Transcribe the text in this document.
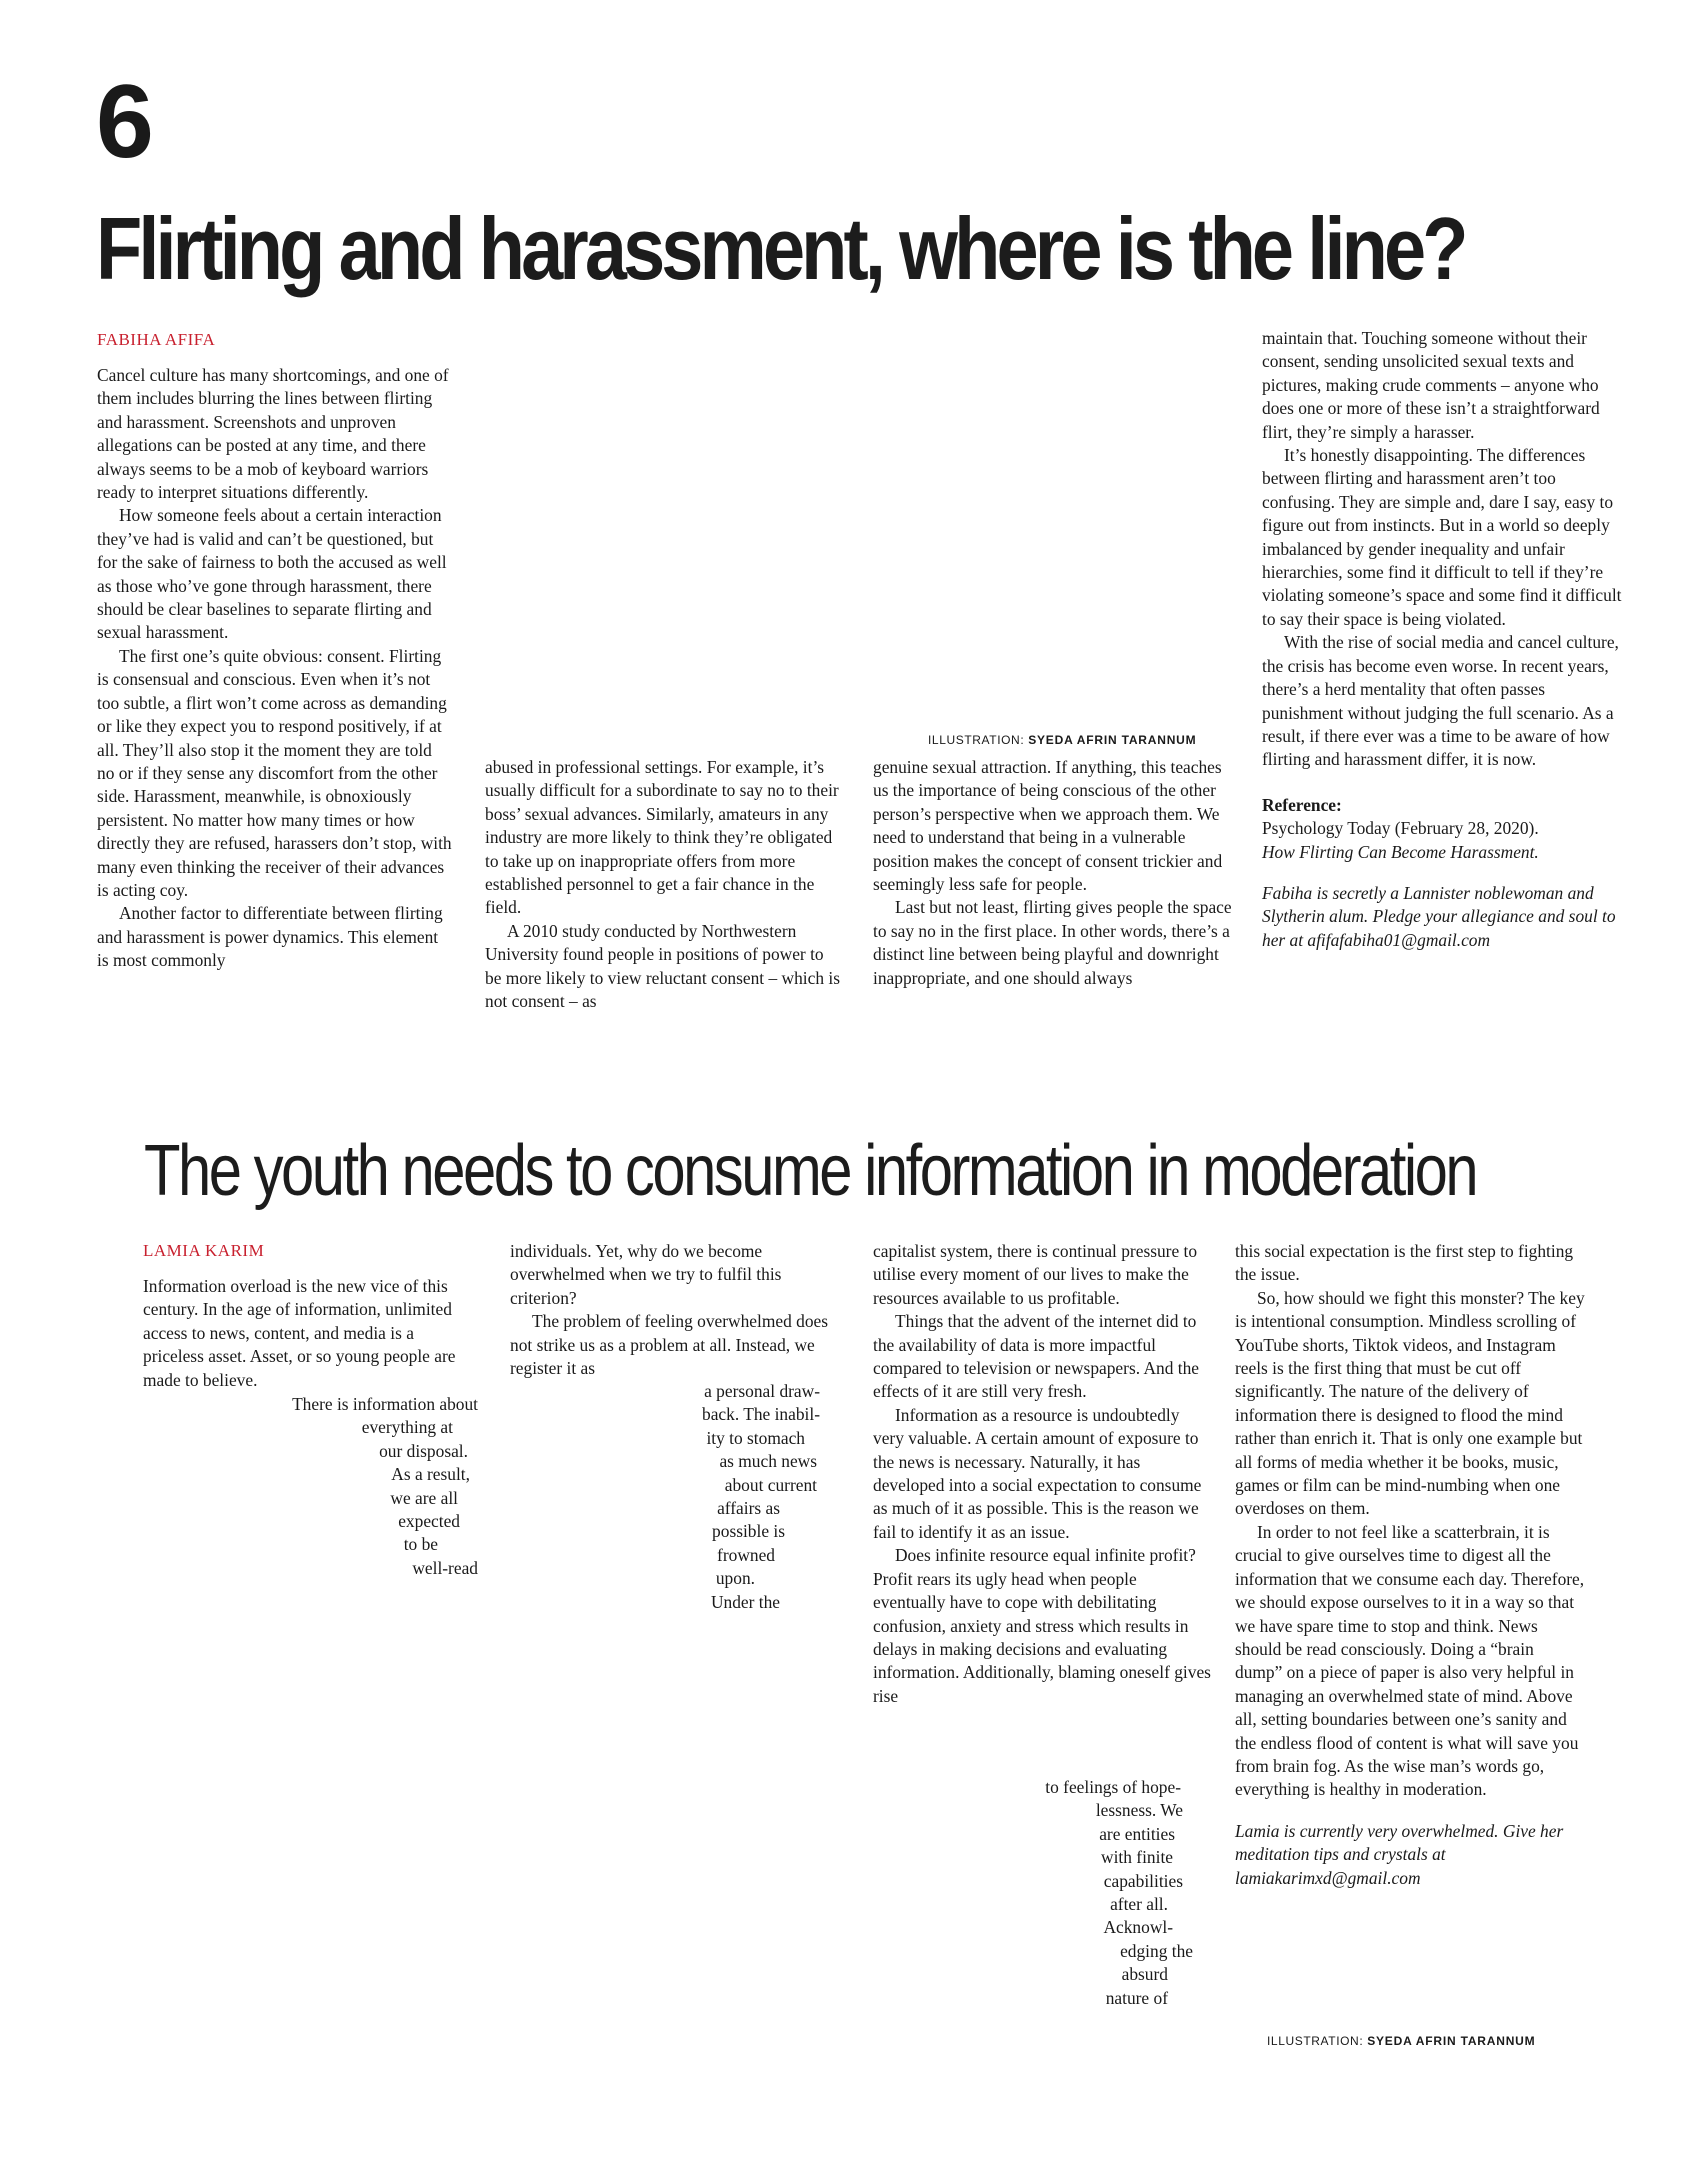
6
Flirting and harassment, where is the line?
FABIHA AFIFA

Cancel culture has many shortcomings, and one of them includes blurring the lines between flirting and harassment. Screenshots and unproven allegations can be posted at any time, and there always seems to be a mob of keyboard warriors ready to interpret situations differently.

How someone feels about a certain interaction they’ve had is valid and can’t be questioned, but for the sake of fairness to both the accused as well as those who’ve gone through harassment, there should be clear baselines to separate flirting and sexual harassment.

The first one’s quite obvious: consent. Flirting is consensual and conscious. Even when it’s not too subtle, a flirt won’t come across as demanding or like they expect you to respond positively, if at all. They’ll also stop it the moment they are told no or if they sense any discomfort from the other side. Harassment, meanwhile, is obnoxiously persistent. No matter how many times or how directly they are refused, harassers don’t stop, with many even thinking the receiver of their advances is acting coy.

Another factor to differentiate between flirting and harassment is power dynamics. This element is most commonly

ILLUSTRATION: SYEDA AFRIN TARANNUM

abused in professional settings. For example, it’s usually difficult for a subordinate to say no to their boss’ sexual advances. Similarly, amateurs in any industry are more likely to think they’re obligated to take up on inappropriate offers from more established personnel to get a fair chance in the field.

A 2010 study conducted by Northwestern University found people in positions of power to be more likely to view reluctant consent – which is not consent – as

genuine sexual attraction. If anything, this teaches us the importance of being conscious of the other person’s perspective when we approach them. We need to understand that being in a vulnerable position makes the concept of consent trickier and seemingly less safe for people.

Last but not least, flirting gives people the space to say no in the first place. In other words, there’s a distinct line between being playful and downright inappropriate, and one should always

maintain that. Touching someone without their consent, sending unsolicited sexual texts and pictures, making crude comments – anyone who does one or more of these isn’t a straightforward flirt, they’re simply a harasser.

It’s honestly disappointing. The differences between flirting and harassment aren’t too confusing. They are simple and, dare I say, easy to figure out from instincts. But in a world so deeply imbalanced by gender inequality and unfair hierarchies, some find it difficult to tell if they’re violating someone’s space and some find it difficult to say their space is being violated.

With the rise of social media and cancel culture, the crisis has become even worse. In recent years, there’s a herd mentality that often passes punishment without judging the full scenario. As a result, if there ever was a time to be aware of how flirting and harassment differ, it is now.

Reference:
Psychology Today (February 28, 2020).
How Flirting Can Become Harassment.

Fabiha is secretly a Lannister noblewoman and Slytherin alum. Pledge your allegiance and soul to her at afifafabiha01@gmail.com

The youth needs to consume information in moderation
LAMIA KARIM

Information overload is the new vice of this century. In the age of information, unlimited access to news, content, and media is a priceless asset. Asset, or so young people are made to believe.

There is information about
everything at
our disposal.
As a result,
we are all
expected
to be
well-read

individuals. Yet, why do we become overwhelmed when we try to fulfil this criterion?

The problem of feeling overwhelmed does not strike us as a problem at all. Instead, we register it as

a personal draw-
back. The inabil-
ity to stomach
as much news
about current
affairs as
possible is
frowned
upon.
Under the

capitalist system, there is continual pressure to utilise every moment of our lives to make the resources available to us profitable.

Things that the advent of the internet did to the availability of data is more impactful compared to television or newspapers. And the effects of it are still very fresh.

Information as a resource is undoubtedly very valuable. A certain amount of exposure to the news is necessary. Naturally, it has developed into a social expectation to consume as much of it as possible. This is the reason we fail to identify it as an issue.

Does infinite resource equal infinite profit? Profit rears its ugly head when people eventually have to cope with debilitating confusion, anxiety and stress which results in delays in making decisions and evaluating information. Additionally, blaming oneself gives rise

to feelings of hope-
lessness. We
are entities
with finite
capabilities
after all.
Acknowl-
edging the
absurd
nature of

this social expectation is the first step to fighting the issue.

So, how should we fight this monster? The key is intentional consumption. Mindless scrolling of YouTube shorts, Tiktok videos, and Instagram reels is the first thing that must be cut off significantly. The nature of the delivery of information there is designed to flood the mind rather than enrich it. That is only one example but all forms of media whether it be books, music, games or film can be mind-numbing when one overdoses on them.

In order to not feel like a scatterbrain, it is crucial to give ourselves time to digest all the information that we consume each day. Therefore, we should expose ourselves to it in a way so that we have spare time to stop and think. News should be read consciously. Doing a “brain dump” on a piece of paper is also very helpful in managing an overwhelmed state of mind. Above all, setting boundaries between one’s sanity and the endless flood of content is what will save you from brain fog. As the wise man’s words go, everything is healthy in moderation.

Lamia is currently very overwhelmed. Give her meditation tips and crystals at lamiakarimxd@gmail.com

ILLUSTRATION: SYEDA AFRIN TARANNUM
